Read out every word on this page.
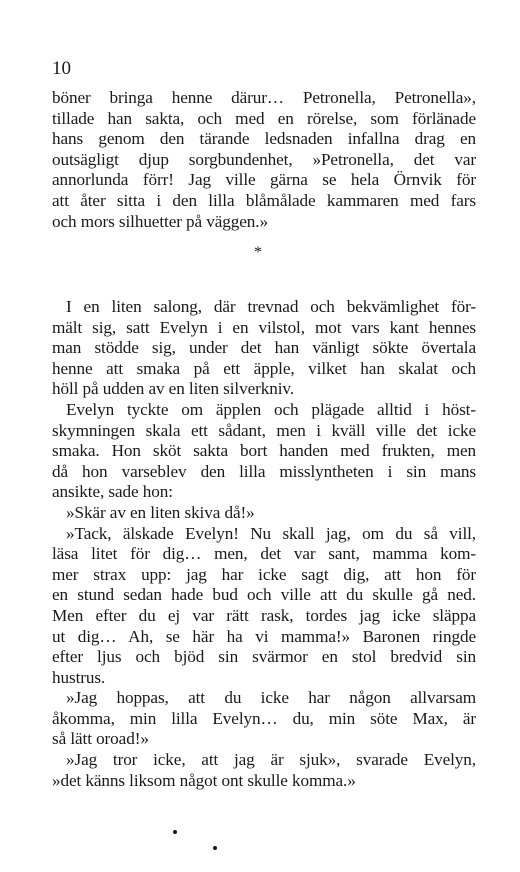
10
böner bringa henne därur… Petronella, Petronella»,
tillade han sakta, och med en rörelse, som förlänade
hans genom den tärande ledsnaden infallna drag en
outsägligt djup sorgbundenhet, »Petronella, det var
annorlunda förr! Jag ville gärna se hela Örnvik för
att åter sitta i den lilla blåmålade kammaren med fars
och mors silhuetter på väggen.»
*
I en liten salong, där trevnad och bekvämlighet för-
mält sig, satt Evelyn i en vilstol, mot vars kant hennes
man stödde sig, under det han vänligt sökte övertala
henne att smaka på ett äpple, vilket han skalat och
höll på udden av en liten silverkniv.
Evelyn tyckte om äpplen och plägade alltid i höst-
skymningen skala ett sådant, men i kväll ville det icke
smaka. Hon sköt sakta bort handen med frukten, men
då hon varseblev den lilla misslyntheten i sin mans
ansikte, sade hon:
»Skär av en liten skiva då!»
»Tack, älskade Evelyn! Nu skall jag, om du så vill,
läsa litet för dig… men, det var sant, mamma kom-
mer strax upp: jag har icke sagt dig, att hon för
en stund sedan hade bud och ville att du skulle gå ned.
Men efter du ej var rätt rask, tordes jag icke släppa
ut dig… Ah, se här ha vi mamma!» Baronen ringde
efter ljus och bjöd sin svärmor en stol bredvid sin
hustrus.
»Jag hoppas, att du icke har någon allvarsam
åkomma, min lilla Evelyn… du, min söte Max, är
så lätt oroad!»
»Jag tror icke, att jag är sjuk», svarade Evelyn,
»det känns liksom något ont skulle komma.»
